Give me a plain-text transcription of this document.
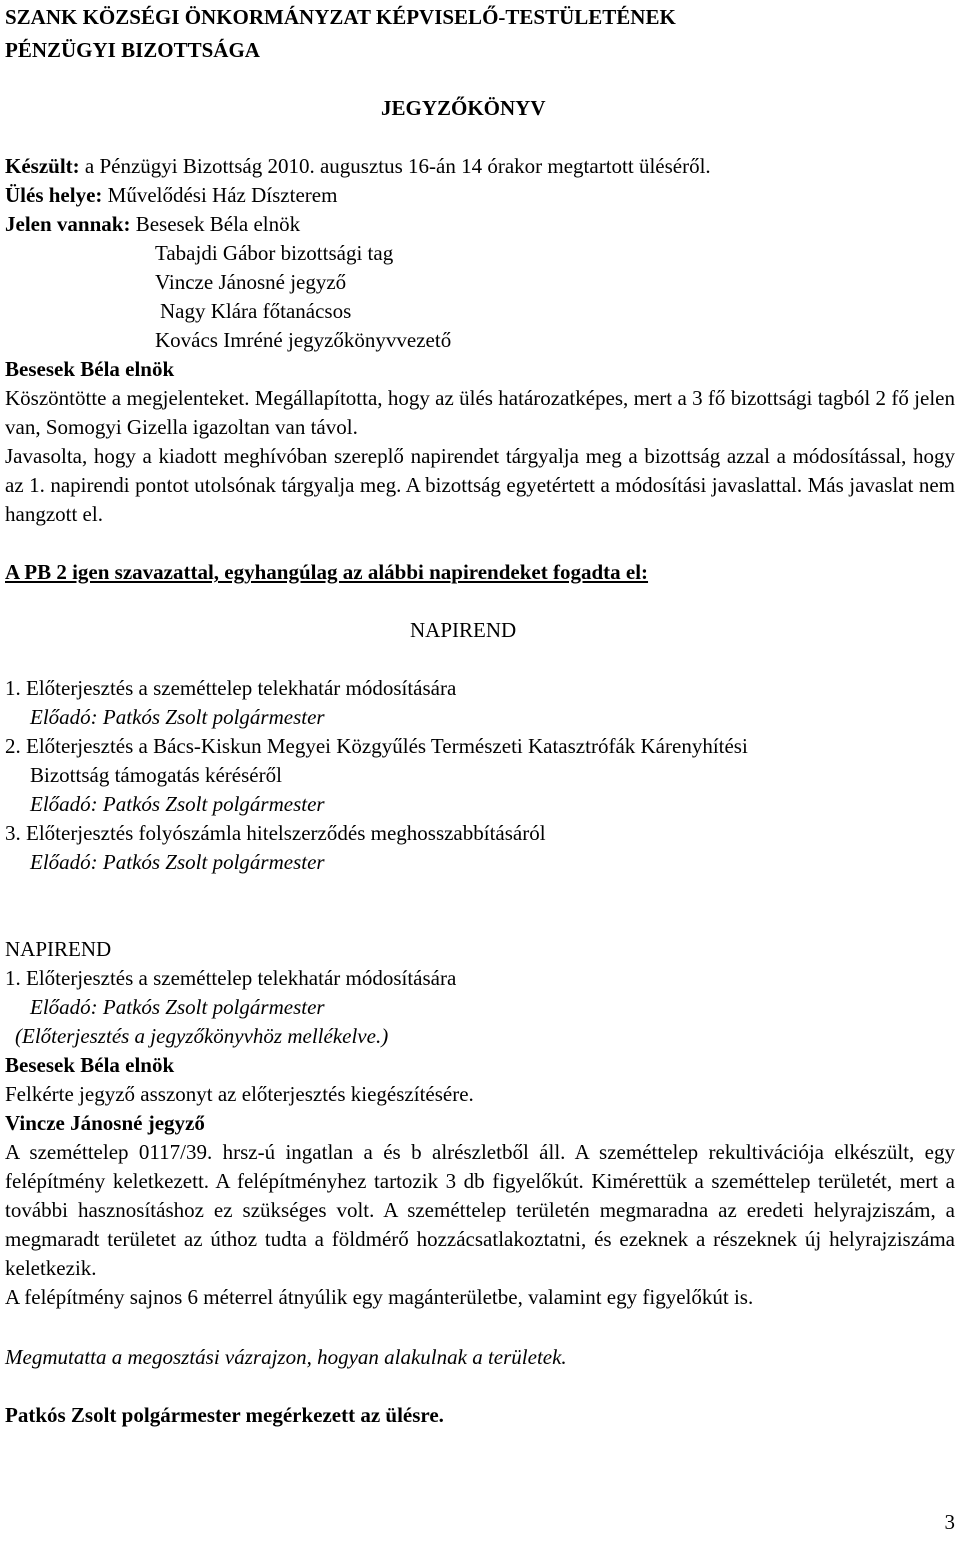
SZANK KÖZSÉGI ÖNKORMÁNYZAT KÉPVISELŐ-TESTÜLETÉNEK
PÉNZÜGYI BIZOTTSÁGA
JEGYZŐKÖNYV
Készült: a Pénzügyi Bizottság 2010. augusztus 16-án 14 órakor megtartott üléséről.
Ülés helye: Művelődési Ház Díszterem
Jelen vannak: Besesek Béla elnök
Tabajdi Gábor bizottsági tag
Vincze Jánosné jegyző
Nagy Klára főtanácsos
Kovács Imréné jegyzőkönyvvezető
Besesek Béla elnök

Köszöntötte a megjelenteket. Megállapította, hogy az ülés határozatképes, mert a 3 fő bizottsági tagból 2 fő jelen van, Somogyi Gizella igazoltan van távol.

Javasolta, hogy a kiadott meghívóban szereplő napirendet tárgyalja meg a bizottság azzal a módosítással, hogy az 1. napirendi pontot utolsónak tárgyalja meg. A bizottság egyetértett a módosítási javaslattal. Más javaslat nem hangzott el.

A PB 2 igen szavazattal, egyhangúlag az alábbi napirendeket fogadta el:
NAPIREND
1. Előterjesztés a szeméttelep telekhatár módosítására
Előadó: Patkós Zsolt polgármester
2. Előterjesztés a Bács-Kiskun Megyei Közgyűlés Természeti Katasztrófák Kárenyhítési
Bizottság támogatás kéréséről
Előadó: Patkós Zsolt polgármester
3. Előterjesztés folyószámla hitelszerződés meghosszabbításáról
Előadó: Patkós Zsolt polgármester
NAPIREND
1. Előterjesztés a szeméttelep telekhatár módosítására
Előadó: Patkós Zsolt polgármester
(Előterjesztés a jegyzőkönyvhöz mellékelve.)
Besesek Béla elnök
Felkérte jegyző asszonyt az előterjesztés kiegészítésére.
Vincze Jánosné jegyző

A szeméttelep 0117/39. hrsz-ú ingatlan a és b alrészletből áll. A szeméttelep rekultivációja elkészült, egy felépítmény keletkezett. A felépítményhez tartozik 3 db figyelőkút. Kimérettük a szeméttelep területét, mert a további hasznosításhoz ez szükséges volt. A szeméttelep területén megmaradna az eredeti helyrajziszám, a megmaradt területet az úthoz tudta a földmérő hozzácsatlakoztatni, és ezeknek a részeknek új helyrajziszáma keletkezik.

A felépítmény sajnos 6 méterrel átnyúlik egy magánterületbe, valamint egy figyelőkút is.

Megmutatta a megosztási vázrajzon, hogyan alakulnak a területek.
Patkós Zsolt polgármester megérkezett az ülésre.
3
